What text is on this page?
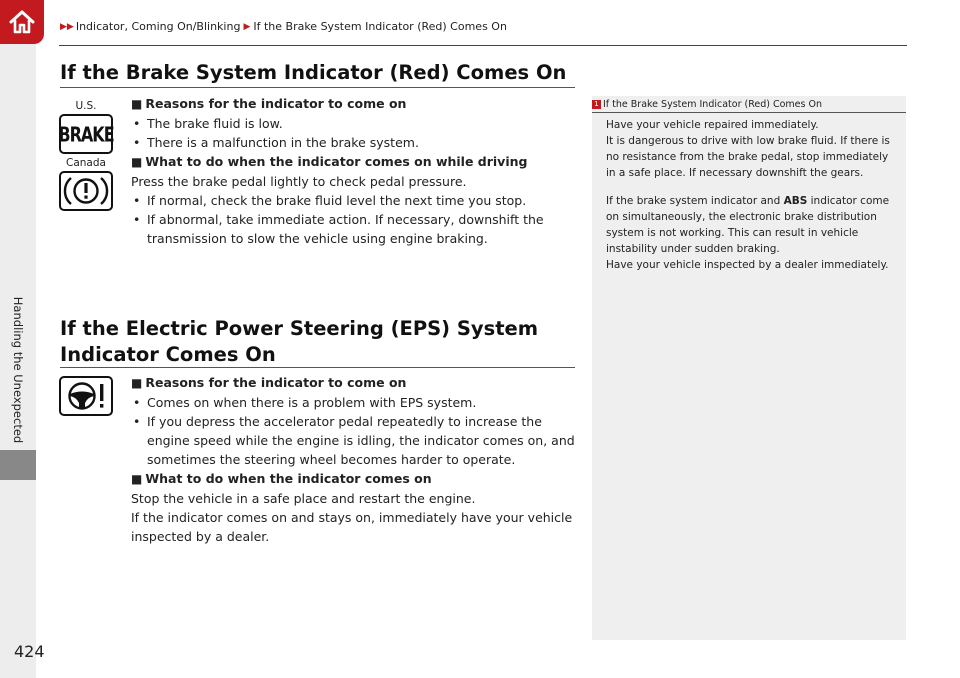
Handling the Unexpected
▶▶ Indicator, Coming On/Blinking ▶ If the Brake System Indicator (Red) Comes On
If the Brake System Indicator (Red) Comes On
U.S.
BRAKE
Canada
■ Reasons for the indicator to come on
• The brake fluid is low.
• There is a malfunction in the brake system.
■ What to do when the indicator comes on while driving
Press the brake pedal lightly to check pedal pressure.
• If normal, check the brake fluid level the next time you stop.
• If abnormal, take immediate action. If necessary, downshift the transmission to slow the vehicle using engine braking.
If the Electric Power Steering (EPS) System Indicator Comes On
■ Reasons for the indicator to come on
• Comes on when there is a problem with EPS system.
• If you depress the accelerator pedal repeatedly to increase the engine speed while the engine is idling, the indicator comes on, and sometimes the steering wheel becomes harder to operate.
■ What to do when the indicator comes on
Stop the vehicle in a safe place and restart the engine.
If the indicator comes on and stays on, immediately have your vehicle inspected by a dealer.
1 If the Brake System Indicator (Red) Comes On
Have your vehicle repaired immediately.
It is dangerous to drive with low brake fluid. If there is no resistance from the brake pedal, stop immediately in a safe place. If necessary downshift the gears.
If the brake system indicator and ABS indicator come on simultaneously, the electronic brake distribution system is not working. This can result in vehicle instability under sudden braking.
Have your vehicle inspected by a dealer immediately.
424
